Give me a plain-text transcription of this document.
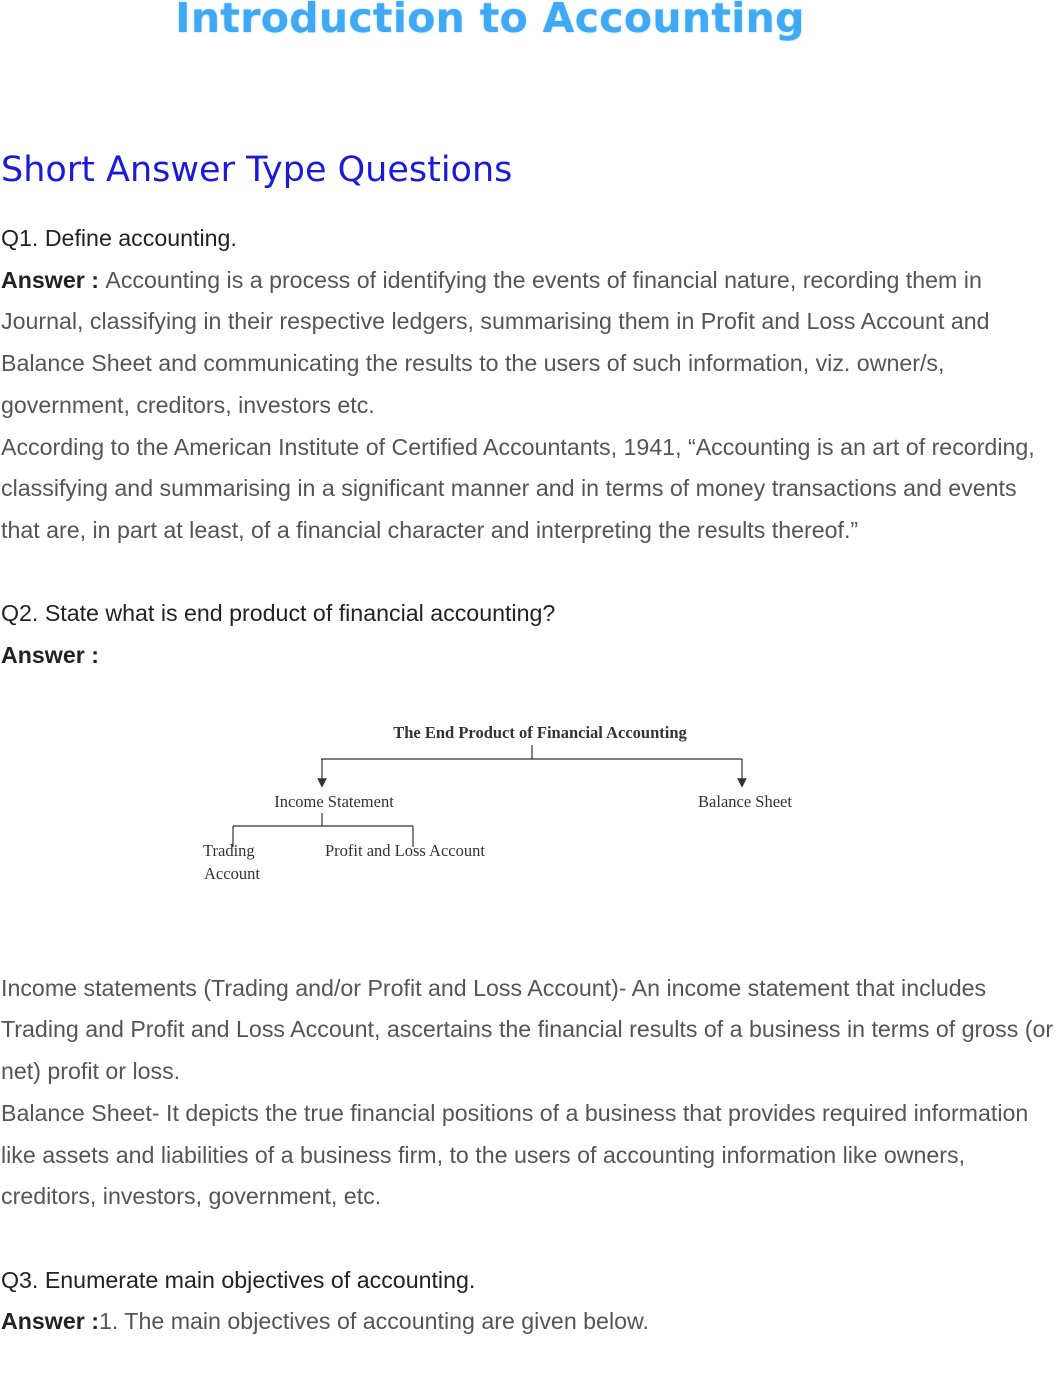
Introduction to Accounting
Short Answer Type Questions

Q1. Define accounting.

Answer : Accounting is a process of identifying the events of financial nature, recording them in Journal, classifying in their respective ledgers, summarising them in Profit and Loss Account and Balance Sheet and communicating the results to the users of such information, viz. owner/s, government, creditors, investors etc.

According to the American Institute of Certified Accountants, 1941, “Accounting is an art of recording, classifying and summarising in a significant manner and in terms of money transactions and events that are, in part at least, of a financial character and interpreting the results thereof.”

Q2. State what is end product of financial accounting?

Answer :

The End Product of Financial Accounting
Income Statement	Balance Sheet
Trading
Account
Profit and Loss Account

Income statements (Trading and/or Profit and Loss Account)- An income statement that includes Trading and Profit and Loss Account, ascertains the financial results of a business in terms of gross (or net) profit or loss.

Balance Sheet- It depicts the true financial positions of a business that provides required information like assets and liabilities of a business firm, to the users of accounting information like owners, creditors, investors, government, etc.

Q3. Enumerate main objectives of accounting.

Answer :1. The main objectives of accounting are given below.
